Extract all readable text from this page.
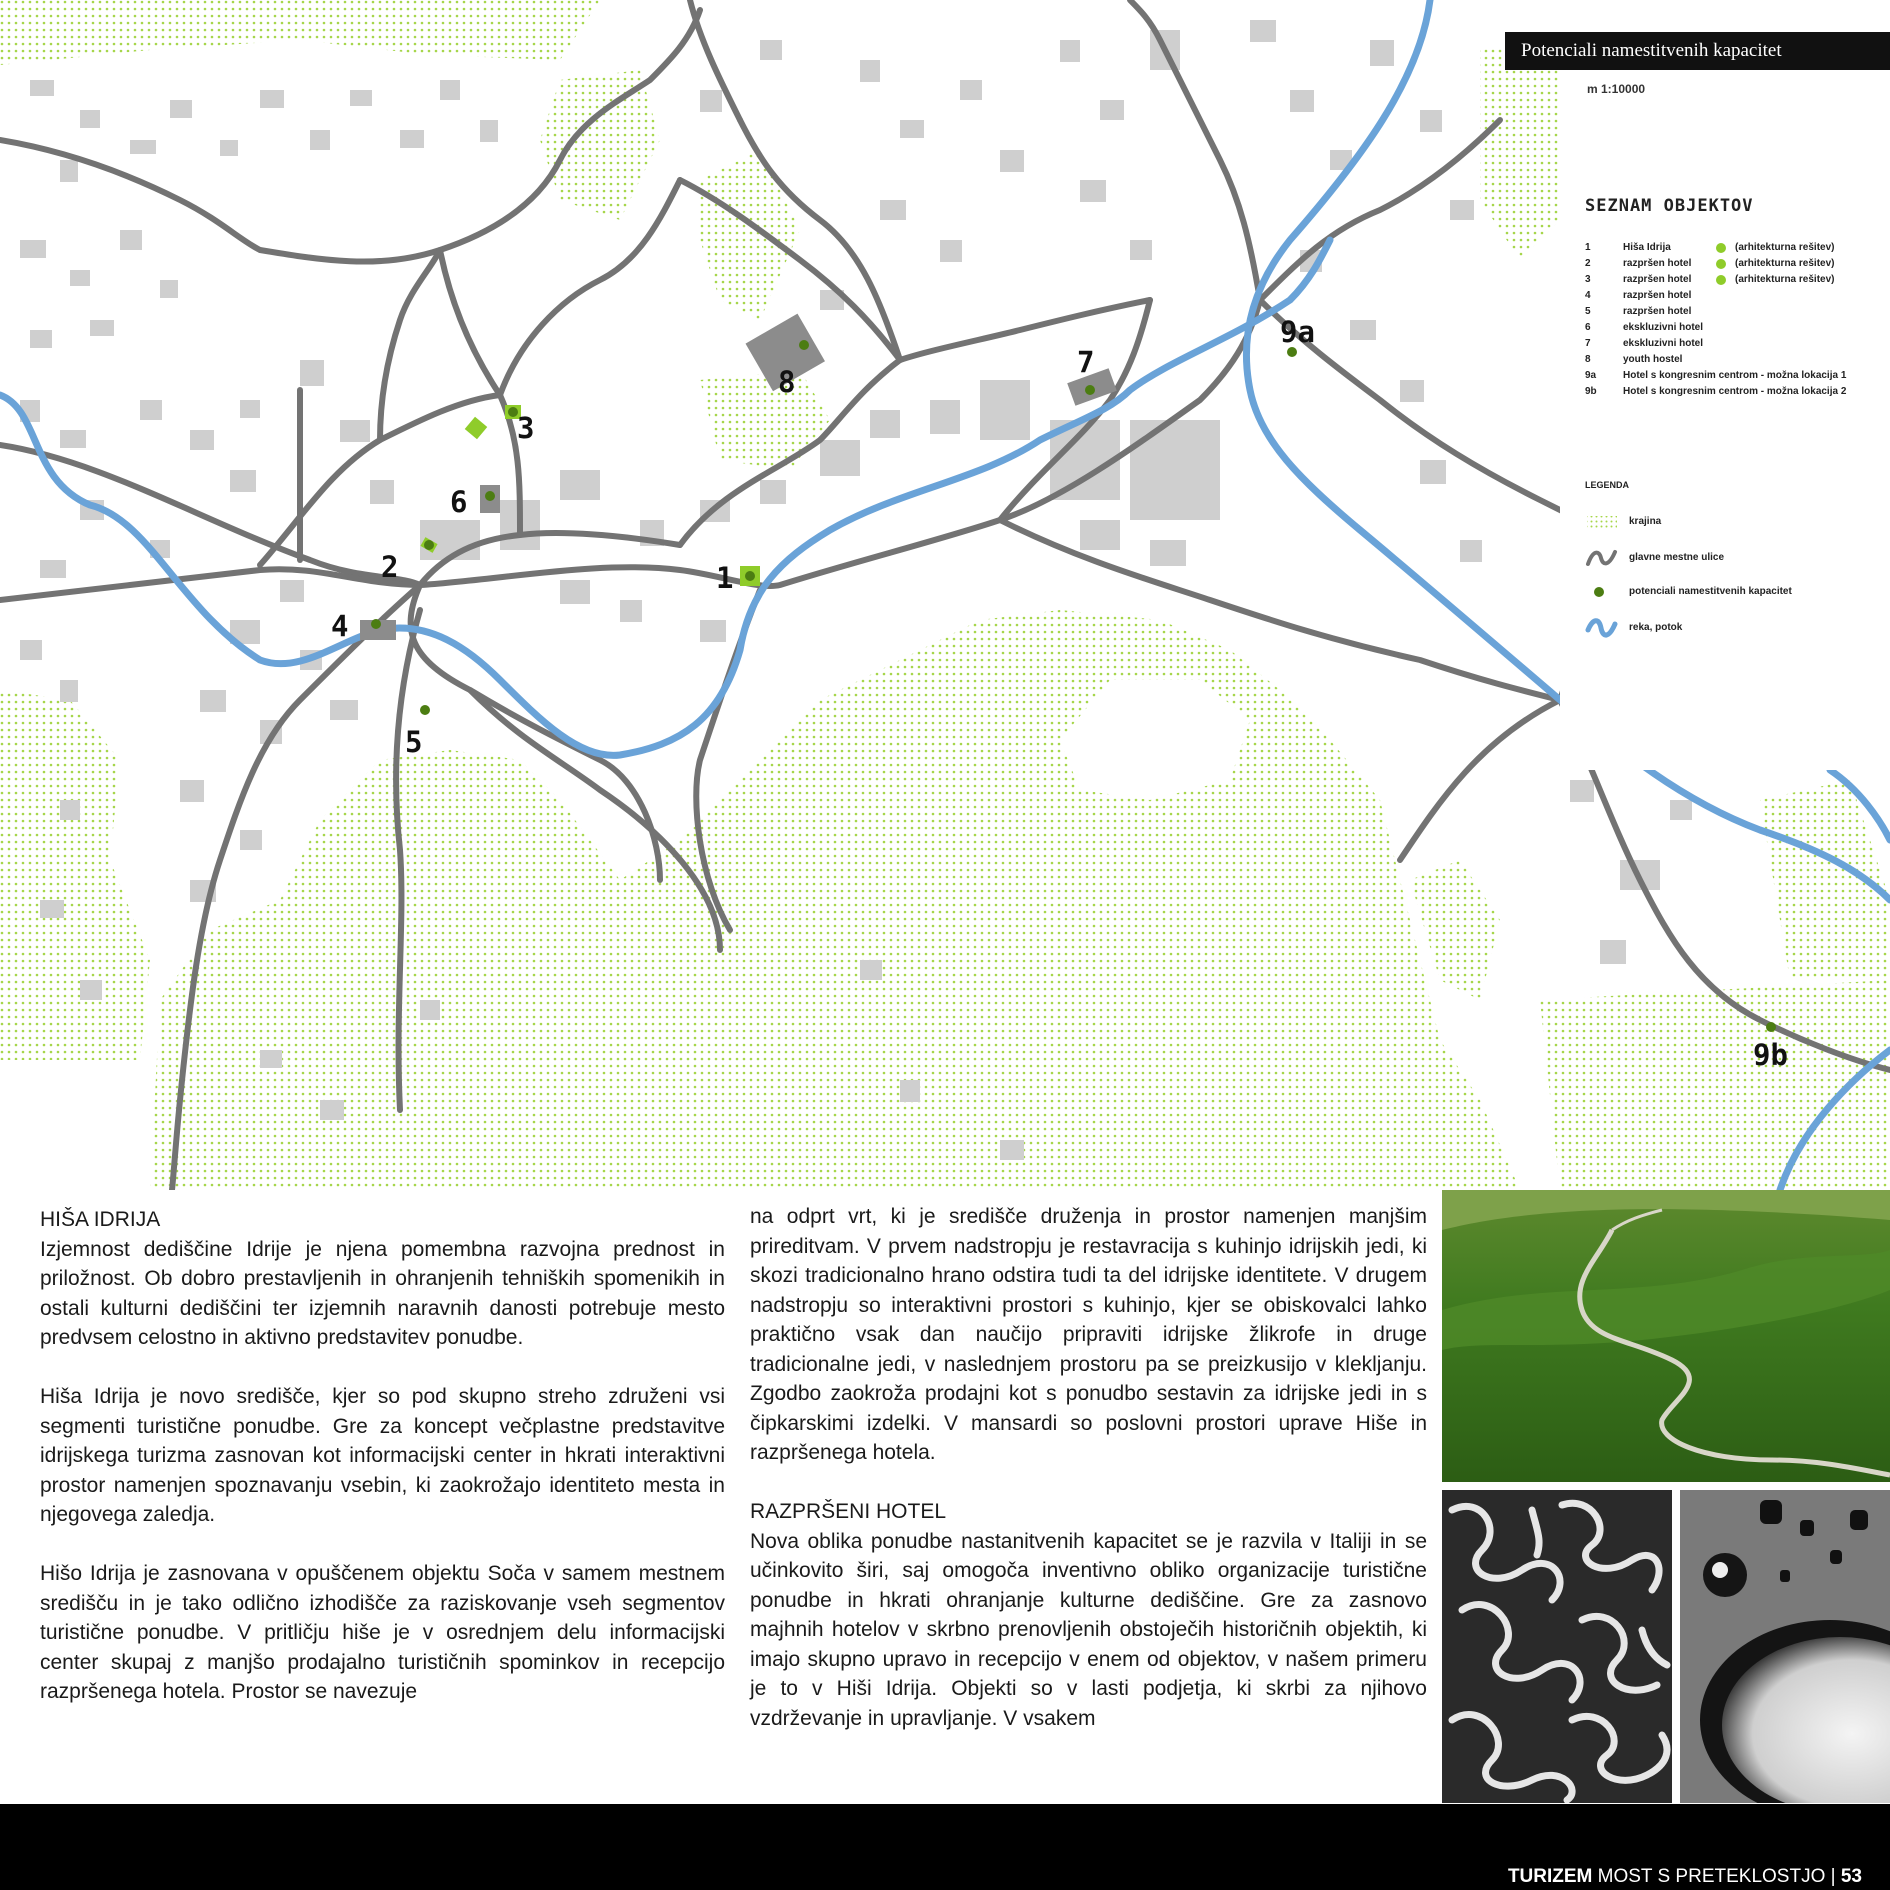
1
2
3
4
5
6
7
8
9a
9b
Potenciali namestitvenih kapacitet
m 1:10000
SEZNAM OBJEKTOV
1	Hiša Idrija	(arhitekturna rešitev)
2	razpršen hotel	(arhitekturna rešitev)
3	razpršen hotel	(arhitekturna rešitev)
4	razpršen hotel
5	razpršen hotel
6	ekskluzivni hotel
7	ekskluzivni hotel
8	youth hostel
9a	Hotel s kongresnim centrom - možna lokacija 1
9b	Hotel s kongresnim centrom - možna lokacija 2
LEGENDA
krajina
glavne mestne ulice
potenciali namestitvenih kapacitet
reka, potok
HIŠA IDRIJA

Izjemnost dediščine Idrije je njena pomembna razvojna prednost in priložnost. Ob dobro prestavljenih in ohranjenih tehniških spomenikih in ostali kulturni dediščini ter izjemnih naravnih danosti potrebuje mesto predvsem celostno in aktivno predstavitev ponudbe.

Hiša Idrija je novo središče, kjer so pod skupno streho združeni vsi segmenti turistične ponudbe. Gre za koncept večplastne predstavitve idrijskega turizma zasnovan kot informacijski center in hkrati interaktivni prostor namenjen spoznavanju vsebin, ki zaokrožajo identiteto mesta in njegovega zaledja.

Hišo Idrija je zasnovana v opuščenem objektu Soča v samem mestnem središču in je tako odlično izhodišče za raziskovanje vseh segmentov turistične ponudbe. V pritličju hiše je v osrednjem delu informacijski center skupaj z manjšo prodajalno turističnih spominkov in recepcijo razpršenega hotela. Prostor se navezuje

na odprt vrt, ki je središče druženja in prostor namenjen manjšim prireditvam. V prvem nadstropju je restavracija s kuhinjo idrijskih jedi, ki skozi tradicionalno hrano odstira tudi ta del idrijske identitete. V drugem nadstropju so interaktivni prostori s kuhinjo, kjer se obiskovalci lahko praktično vsak dan naučijo pripraviti idrijske žlikrofe in druge tradicionalne jedi, v naslednjem prostoru pa se preizkusijo v klekljanju. Zgodbo zaokroža prodajni kot s ponudbo sestavin za idrijske jedi in s čipkarskimi izdelki. V mansardi so poslovni prostori uprave Hiše in razpršenega hotela.

RAZPRŠENI HOTEL

Nova oblika ponudbe nastanitvenih kapacitet se je razvila v Italiji in se učinkovito širi, saj omogoča inventivno obliko organizacije turistične ponudbe in hkrati ohranjanje kulturne dediščine. Gre za zasnovo majhnih hotelov v skrbno prenovljenih obstoječih historičnih objektih, ki imajo skupno upravo in recepcijo v enem od objektov, v našem primeru je to v Hiši Idrija. Objekti so v lasti podjetja, ki skrbi za njihovo vzdrževanje in upravljanje. V vsakem

TURIZEM MOST S PRETEKLOSTJO | 53
